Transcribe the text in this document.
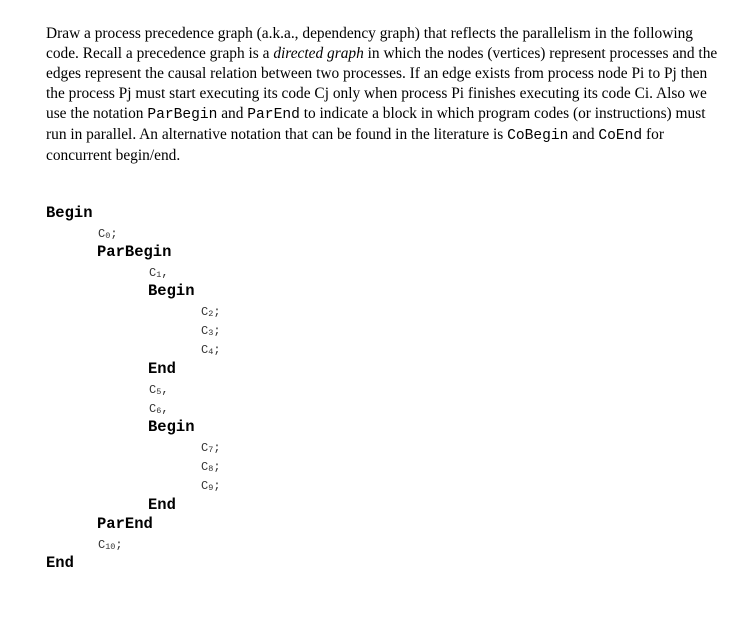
Draw a process precedence graph (a.k.a., dependency graph) that reflects the parallelism in the following code. Recall a precedence graph is a directed graph in which the nodes (vertices) represent processes and the edges represent the causal relation between two processes. If an edge exists from process node Pi to Pj then the process Pj must start executing its code Cj only when process Pi finishes executing its code Ci. Also we use the notation ParBegin and ParEnd to indicate a block in which program codes (or instructions) must run in parallel. An alternative notation that can be found in the literature is CoBegin and CoEnd for concurrent begin/end.

Begin
$C_0$;
ParBegin
$C_1$,
Begin
$C_2$;
$C_3$;
$C_4$;
End
$C_5$,
$C_6$,
Begin
$C_7$;
$C_8$;
$C_9$;
End
ParEnd
$C_{10}$;
End
